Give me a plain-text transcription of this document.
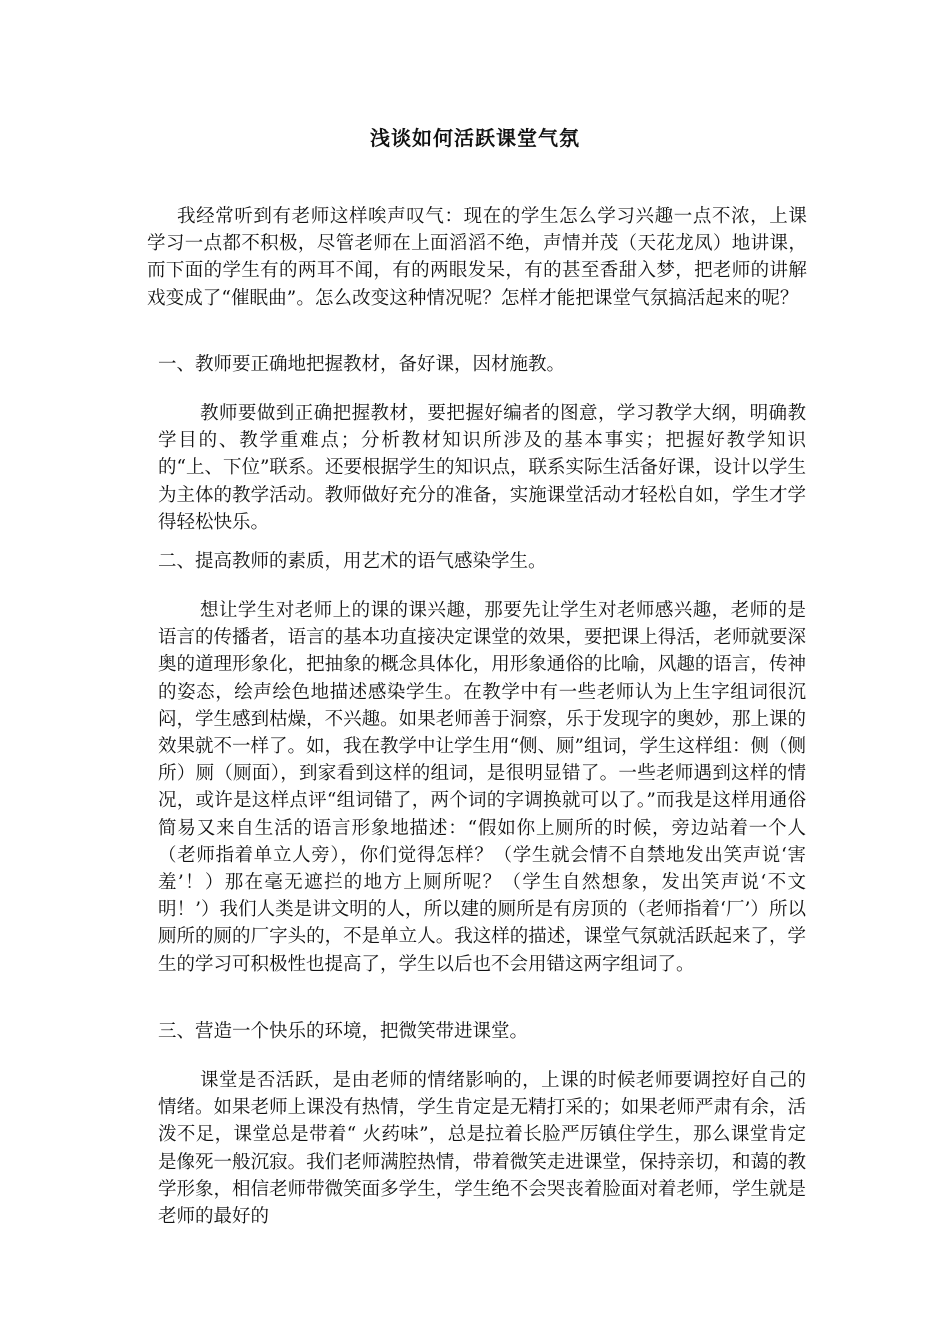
浅谈如何活跃课堂气氛

我经常听到有老师这样唉声叹气：现在的学生怎么学习兴趣一点不浓，上课学习一点都不积极，尽管老师在上面滔滔不绝，声情并茂（天花龙凤）地讲课，而下面的学生有的两耳不闻，有的两眼发呆，有的甚至香甜入梦，把老师的讲解戏变成了“催眠曲”。怎么改变这种情况呢？怎样才能把课堂气氛搞活起来的呢？

一、教师要正确地把握教材，备好课，因材施教。

教师要做到正确把握教材，要把握好编者的图意，学习教学大纲，明确教学目的、教学重难点；分析教材知识所涉及的基本事实；把握好教学知识的“上、下位”联系。还要根据学生的知识点，联系实际生活备好课，设计以学生为主体的教学活动。教师做好充分的准备，实施课堂活动才轻松自如，学生才学得轻松快乐。

二、提高教师的素质，用艺术的语气感染学生。

想让学生对老师上的课的课兴趣，那要先让学生对老师感兴趣，老师的是语言的传播者，语言的基本功直接决定课堂的效果，要把课上得活，老师就要深奥的道理形象化，把抽象的概念具体化，用形象通俗的比喻，风趣的语言，传神的姿态，绘声绘色地描述感染学生。在教学中有一些老师认为上生字组词很沉闷，学生感到枯燥，不兴趣。如果老师善于洞察，乐于发现字的奥妙，那上课的效果就不一样了。如，我在教学中让学生用“侧、厕”组词，学生这样组：侧（侧所）厕（厕面），到家看到这样的组词，是很明显错了。一些老师遇到这样的情况，或许是这样点评“组词错了，两个词的字调换就可以了。”而我是这样用通俗简易又来自生活的语言形象地描述：“假如你上厕所的时候，旁边站着一个人（老师指着单立人旁），你们觉得怎样？（学生就会情不自禁地发出笑声说‘害羞’！）那在毫无遮拦的地方上厕所呢？（学生自然想象，发出笑声说‘不文明！’）我们人类是讲文明的人，所以建的厕所是有房顶的（老师指着‘厂’）所以厕所的厕的厂字头的，不是单立人。我这样的描述，课堂气氛就活跃起来了，学生的学习可积极性也提高了，学生以后也不会用错这两字组词了。

三、营造一个快乐的环境，把微笑带进课堂。

课堂是否活跃，是由老师的情绪影响的，上课的时候老师要调控好自己的情绪。如果老师上课没有热情，学生肯定是无精打采的；如果老师严肃有余，活泼不足，课堂总是带着“ 火药味”，总是拉着长脸严厉镇住学生，那么课堂肯定是像死一般沉寂。我们老师满腔热情，带着微笑走进课堂，保持亲切，和蔼的教学形象，相信老师带微笑面多学生，学生绝不会哭丧着脸面对着老师，学生就是老师的最好的
